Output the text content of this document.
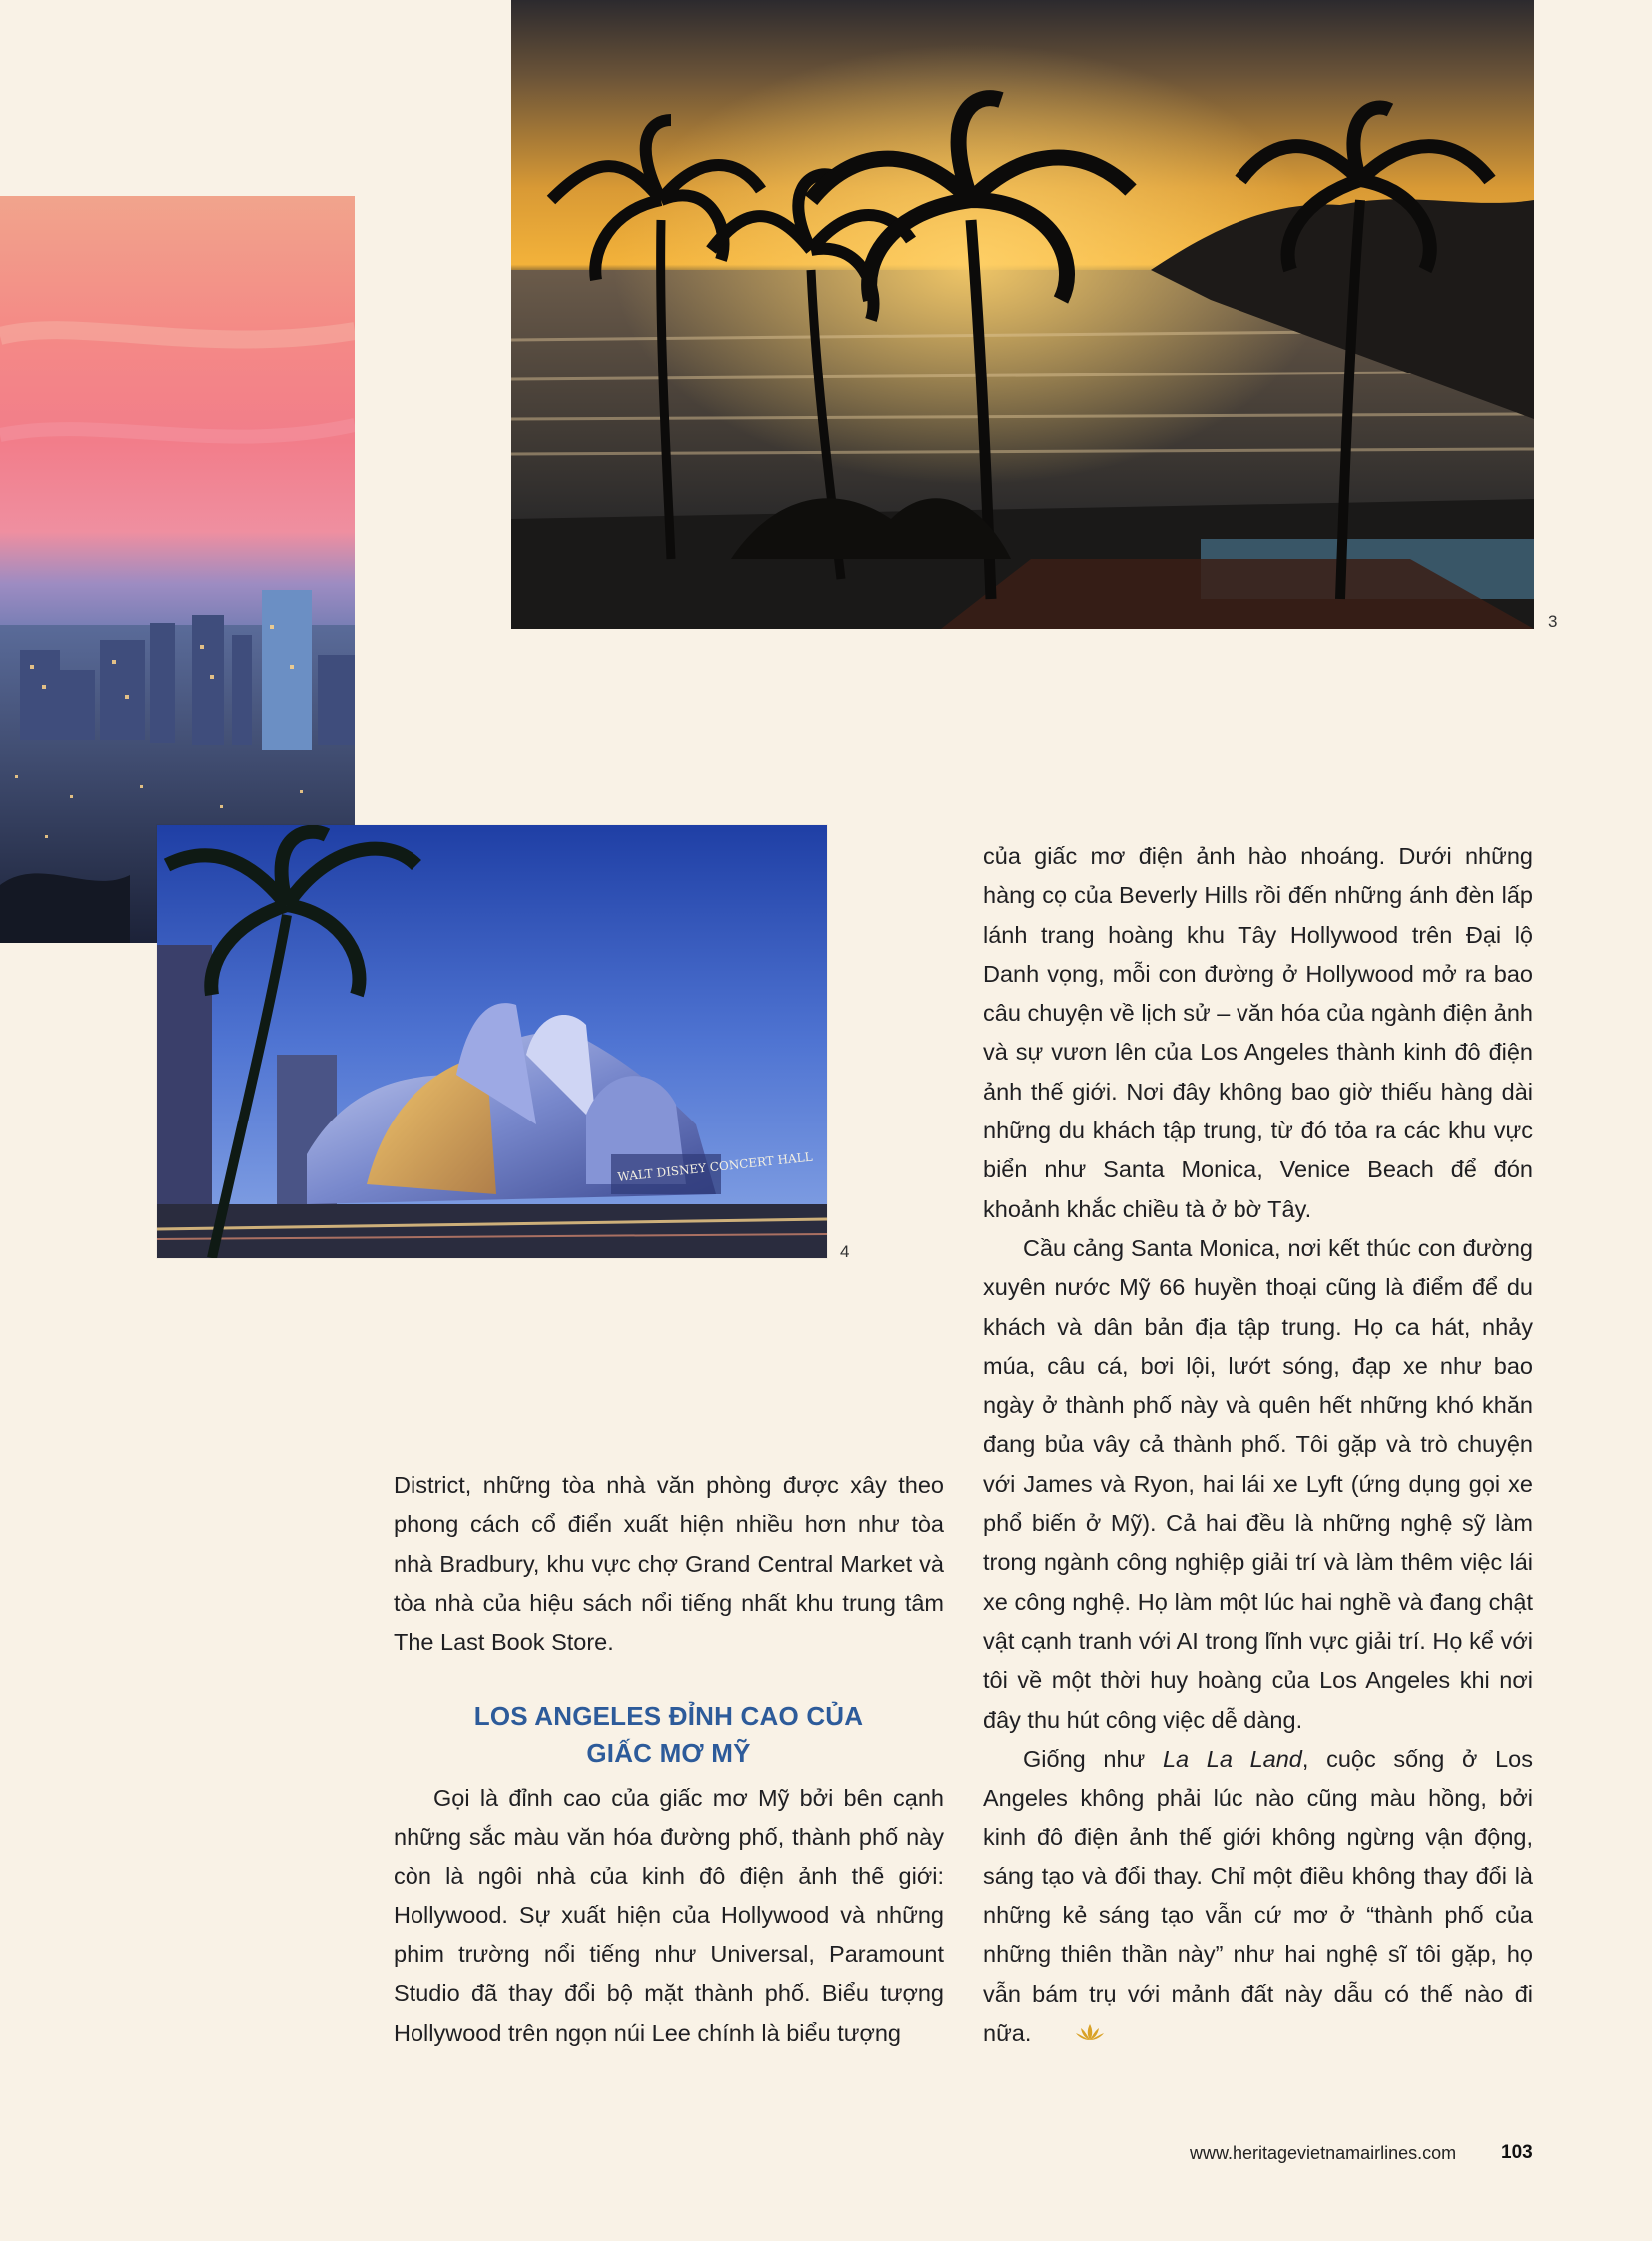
3
WALT DISNEY CONCERT HALL
4

District, những tòa nhà văn phòng được xây theo phong cách cổ điển xuất hiện nhiều hơn như tòa nhà Bradbury, khu vực chợ Grand Central Market và tòa nhà của hiệu sách nổi tiếng nhất khu trung tâm The Last Book Store.

LOS ANGELES ĐỈNH CAO CỦA
GIẤC MƠ MỸ

Gọi là đỉnh cao của giấc mơ Mỹ bởi bên cạnh những sắc màu văn hóa đường phố, thành phố này còn là ngôi nhà của kinh đô điện ảnh thế giới: Hollywood. Sự xuất hiện của Hollywood và những phim trường nổi tiếng như Universal, Paramount Studio đã thay đổi bộ mặt thành phố. Biểu tượng Hollywood trên ngọn núi Lee chính là biểu tượng

của giấc mơ điện ảnh hào nhoáng. Dưới những hàng cọ của Beverly Hills rồi đến những ánh đèn lấp lánh trang hoàng khu Tây Hollywood trên Đại lộ Danh vọng, mỗi con đường ở Hollywood mở ra bao câu chuyện về lịch sử – văn hóa của ngành điện ảnh và sự vươn lên của Los Angeles thành kinh đô điện ảnh thế giới. Nơi đây không bao giờ thiếu hàng dài những du khách tập trung, từ đó tỏa ra các khu vực biển như Santa Monica, Venice Beach để đón khoảnh khắc chiều tà ở bờ Tây.

Cầu cảng Santa Monica, nơi kết thúc con đường xuyên nước Mỹ 66 huyền thoại cũng là điểm để du khách và dân bản địa tập trung. Họ ca hát, nhảy múa, câu cá, bơi lội, lướt sóng, đạp xe như bao ngày ở thành phố này và quên hết những khó khăn đang bủa vây cả thành phố. Tôi gặp và trò chuyện với James và Ryon, hai lái xe Lyft (ứng dụng gọi xe phổ biến ở Mỹ). Cả hai đều là những nghệ sỹ làm trong ngành công nghiệp giải trí và làm thêm việc lái xe công nghệ. Họ làm một lúc hai nghề và đang chật vật cạnh tranh với AI trong lĩnh vực giải trí. Họ kể với tôi về một thời huy hoàng của Los Angeles khi nơi đây thu hút công việc dễ dàng.

Giống như La La Land, cuộc sống ở Los Angeles không phải lúc nào cũng màu hồng, bởi kinh đô điện ảnh thế giới không ngừng vận động, sáng tạo và đổi thay. Chỉ một điều không thay đổi là những kẻ sáng tạo vẫn cứ mơ ở “thành phố của những thiên thần này” như hai nghệ sĩ tôi gặp, họ vẫn bám trụ với mảnh đất này dẫu có thế nào đi nữa.

www.heritagevietnamairlines.com 103
